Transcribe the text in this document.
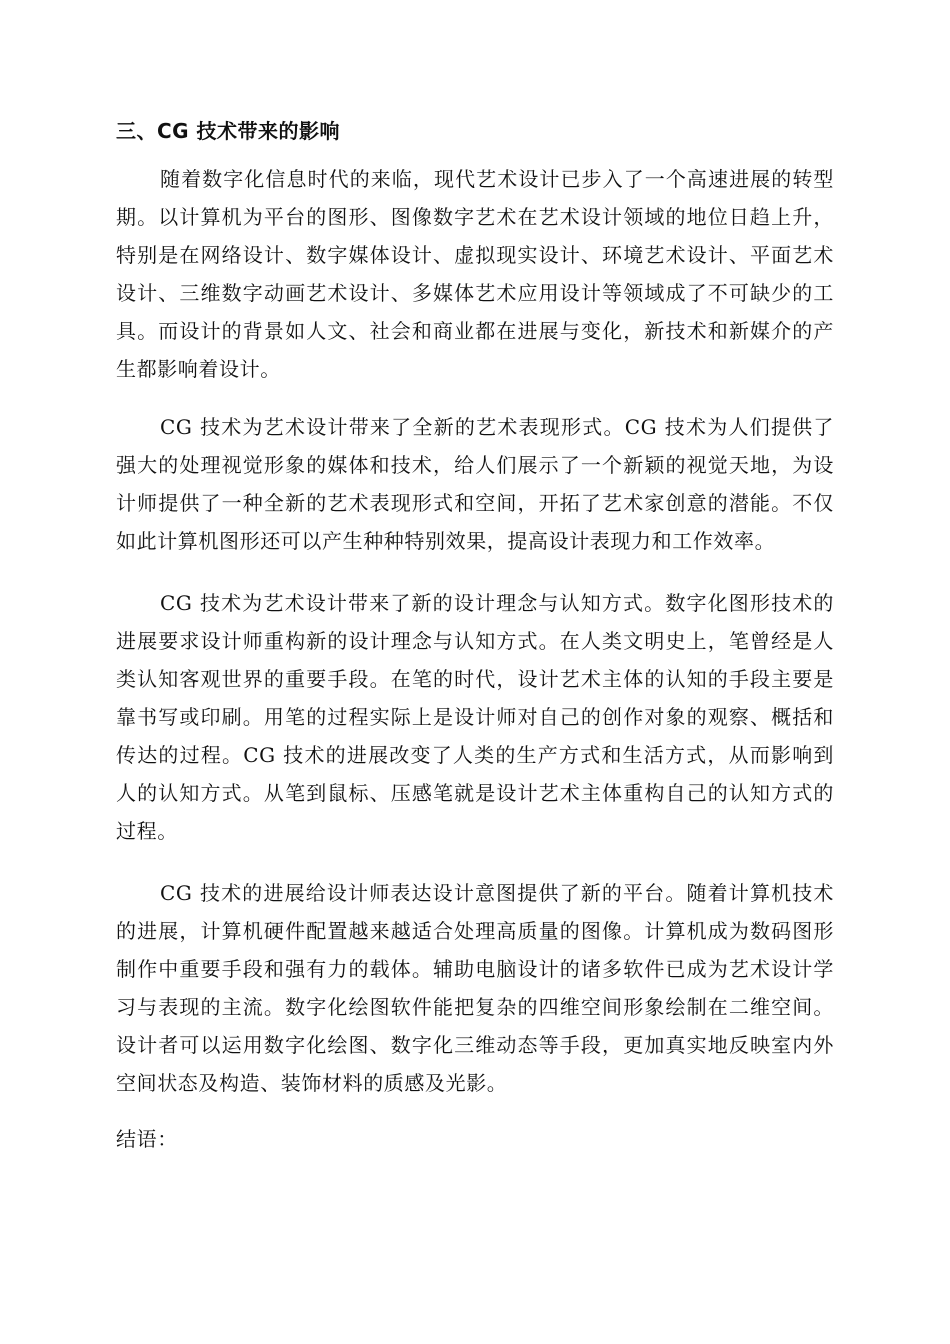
三、CG 技术带来的影响

随着数字化信息时代的来临，现代艺术设计已步入了一个高速进展的转型期。以计算机为平台的图形、图像数字艺术在艺术设计领域的地位日趋上升，特别是在网络设计、数字媒体设计、虚拟现实设计、环境艺术设计、平面艺术设计、三维数字动画艺术设计、多媒体艺术应用设计等领域成了不可缺少的工具。而设计的背景如人文、社会和商业都在进展与变化，新技术和新媒介的产生都影响着设计。

CG 技术为艺术设计带来了全新的艺术表现形式。CG 技术为人们提供了强大的处理视觉形象的媒体和技术，给人们展示了一个新颖的视觉天地，为设计师提供了一种全新的艺术表现形式和空间，开拓了艺术家创意的潜能。不仅如此计算机图形还可以产生种种特别效果，提高设计表现力和工作效率。

CG 技术为艺术设计带来了新的设计理念与认知方式。数字化图形技术的进展要求设计师重构新的设计理念与认知方式。在人类文明史上，笔曾经是人类认知客观世界的重要手段。在笔的时代，设计艺术主体的认知的手段主要是靠书写或印刷。用笔的过程实际上是设计师对自己的创作对象的观察、概括和传达的过程。CG 技术的进展改变了人类的生产方式和生活方式，从而影响到人的认知方式。从笔到鼠标、压感笔就是设计艺术主体重构自己的认知方式的过程。

CG 技术的进展给设计师表达设计意图提供了新的平台。随着计算机技术的进展，计算机硬件配置越来越适合处理高质量的图像。计算机成为数码图形制作中重要手段和强有力的载体。辅助电脑设计的诸多软件已成为艺术设计学习与表现的主流。数字化绘图软件能把复杂的四维空间形象绘制在二维空间。设计者可以运用数字化绘图、数字化三维动态等手段，更加真实地反映室内外空间状态及构造、装饰材料的质感及光影。

结语：
